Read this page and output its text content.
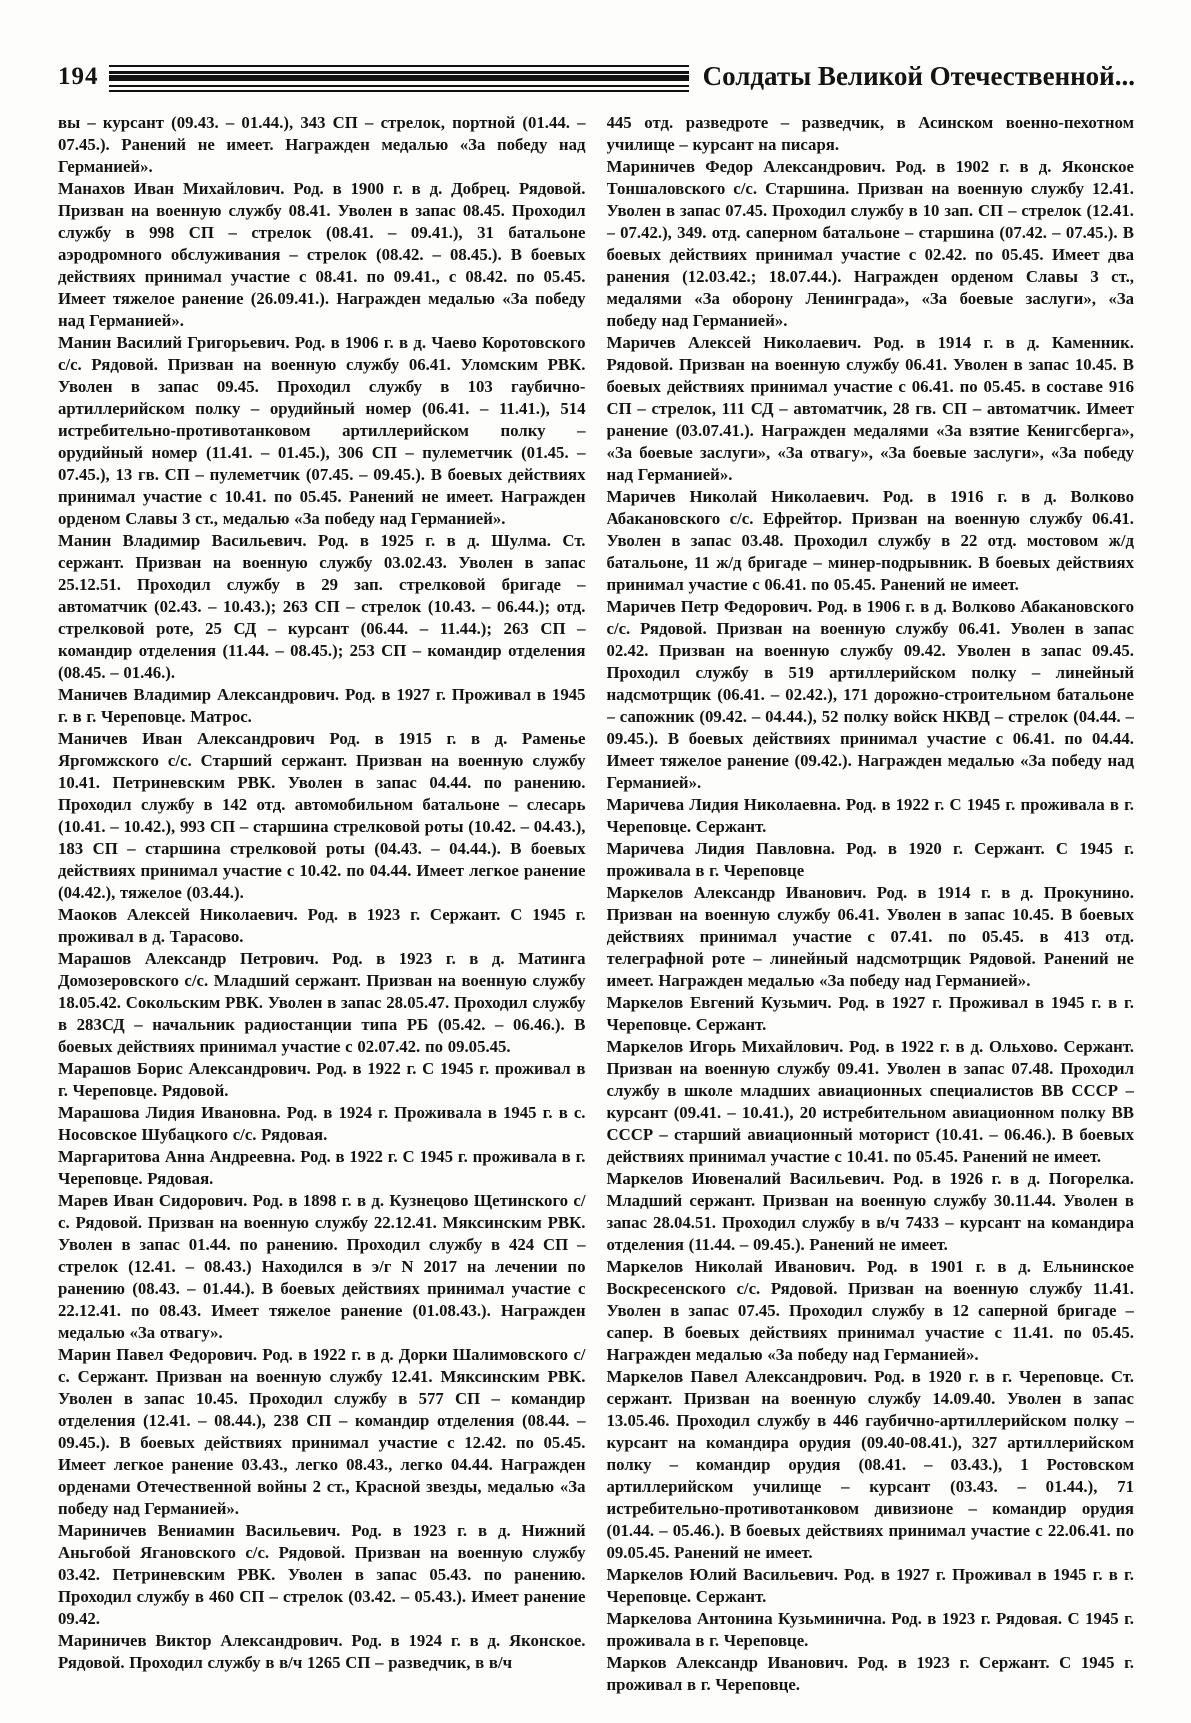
194	Солдаты Великой Отечественной...

вы – курсант (09.43. – 01.44.), 343 СП – стрелок, портной (01.44. – 07.45.). Ранений не имеет. Награжден медалью «За победу над Германией».

Манахов Иван Михайлович. Род. в 1900 г. в д. Добрец. Рядовой. Призван на военную службу 08.41. Уволен в запас 08.45. Проходил службу в 998 СП – стрелок (08.41. – 09.41.), 31 батальоне аэродромного обслуживания – стрелок (08.42. – 08.45.). В боевых действиях принимал участие с 08.41. по 09.41., с 08.42. по 05.45. Имеет тяжелое ранение (26.09.41.). Награжден медалью «За победу над Германией».

Манин Василий Григорьевич. Род. в 1906 г. в д. Чаево Коротовского с/с. Рядовой. Призван на военную службу 06.41. Уломским РВК. Уволен в запас 09.45. Проходил службу в 103 гаубично-артиллерийском полку – орудийный номер (06.41. – 11.41.), 514 истребительно-противотанковом артиллерийском полку – орудийный номер (11.41. – 01.45.), 306 СП – пулеметчик (01.45. – 07.45.), 13 гв. СП – пулеметчик (07.45. – 09.45.). В боевых действиях принимал участие с 10.41. по 05.45. Ранений не имеет. Награжден орденом Славы 3 ст., медалью «За победу над Германией».

Манин Владимир Васильевич. Род. в 1925 г. в д. Шулма. Ст. сержант. Призван на военную службу 03.02.43. Уволен в запас 25.12.51. Проходил службу в 29 зап. стрелковой бригаде – автоматчик (02.43. – 10.43.); 263 СП – стрелок (10.43. – 06.44.); отд. стрелковой роте, 25 СД – курсант (06.44. – 11.44.); 263 СП – командир отделения (11.44. – 08.45.); 253 СП – командир отделения (08.45. – 01.46.).

Маничев Владимир Александрович. Род. в 1927 г. Проживал в 1945 г. в г. Череповце. Матрос.

Маничев Иван Александрович Род. в 1915 г. в д. Раменье Яргомжского с/с. Старший сержант. Призван на военную службу 10.41. Петриневским РВК. Уволен в запас 04.44. по ранению. Проходил службу в 142 отд. автомобильном батальоне – слесарь (10.41. – 10.42.), 993 СП – старшина стрелковой роты (10.42. – 04.43.), 183 СП – старшина стрелковой роты (04.43. – 04.44.). В боевых действиях принимал участие с 10.42. по 04.44. Имеет легкое ранение (04.42.), тяжелое (03.44.).

Маоков Алексей Николаевич. Род. в 1923 г. Сержант. С 1945 г. проживал в д. Тарасово.

Марашов Александр Петрович. Род. в 1923 г. в д. Матинга Домозеровского с/с. Младший сержант. Призван на военную службу 18.05.42. Сокольским РВК. Уволен в запас 28.05.47. Проходил службу в 283СД – начальник радиостанции типа РБ (05.42. – 06.46.). В боевых действиях принимал участие с 02.07.42. по 09.05.45.

Марашов Борис Александрович. Род. в 1922 г. С 1945 г. проживал в г. Череповце. Рядовой.

Марашова Лидия Ивановна. Род. в 1924 г. Проживала в 1945 г. в с. Носовское Шубацкого с/с. Рядовая.

Маргаритова Анна Андреевна. Род. в 1922 г. С 1945 г. проживала в г. Череповце. Рядовая.

Марев Иван Сидорович. Род. в 1898 г. в д. Кузнецово Щетинского с/с. Рядовой. Призван на военную службу 22.12.41. Мяксинским РВК. Уволен в запас 01.44. по ранению. Проходил службу в 424 СП – стрелок (12.41. – 08.43.) Находился в э/г N 2017 на лечении по ранению (08.43. – 01.44.). В боевых действиях принимал участие с 22.12.41. по 08.43. Имеет тяжелое ранение (01.08.43.). Награжден медалью «За отвагу».

Марин Павел Федорович. Род. в 1922 г. в д. Дорки Шалимовского с/с. Сержант. Призван на военную службу 12.41. Мяксинским РВК. Уволен в запас 10.45. Проходил службу в 577 СП – командир отделения (12.41. – 08.44.), 238 СП – командир отделения (08.44. – 09.45.). В боевых действиях принимал участие с 12.42. по 05.45. Имеет легкое ранение 03.43., легко 08.43., легко 04.44. Награжден орденами Отечественной войны 2 ст., Красной звезды, медалью «За победу над Германией».

Мариничев Вениамин Васильевич. Род. в 1923 г. в д. Нижний Аньгобой Ягановского с/с. Рядовой. Призван на военную службу 03.42. Петриневским РВК. Уволен в запас 05.43. по ранению. Проходил службу в 460 СП – стрелок (03.42. – 05.43.). Имеет ранение 09.42.

Мариничев Виктор Александрович. Род. в 1924 г. в д. Яконское. Рядовой. Проходил службу в в/ч 1265 СП – разведчик, в в/ч

445 отд. разведроте – разведчик, в Асинском военно-пехотном училище – курсант на писаря.

Мариничев Федор Александрович. Род. в 1902 г. в д. Яконское Тоншаловского с/с. Старшина. Призван на военную службу 12.41. Уволен в запас 07.45. Проходил службу в 10 зап. СП – стрелок (12.41. – 07.42.), 349. отд. саперном батальоне – старшина (07.42. – 07.45.). В боевых действиях принимал участие с 02.42. по 05.45. Имеет два ранения (12.03.42.; 18.07.44.). Награжден орденом Славы 3 ст., медалями «За оборону Ленинграда», «За боевые заслуги», «За победу над Германией».

Маричев Алексей Николаевич. Род. в 1914 г. в д. Каменник. Рядовой. Призван на военную службу 06.41. Уволен в запас 10.45. В боевых действиях принимал участие с 06.41. по 05.45. в составе 916 СП – стрелок, 111 СД – автоматчик, 28 гв. СП – автоматчик. Имеет ранение (03.07.41.). Награжден медалями «За взятие Кенигсберга», «За боевые заслуги», «За отвагу», «За боевые заслуги», «За победу над Германией».

Маричев Николай Николаевич. Род. в 1916 г. в д. Волково Абакановского с/с. Ефрейтор. Призван на военную службу 06.41. Уволен в запас 03.48. Проходил службу в 22 отд. мостовом ж/д батальоне, 11 ж/д бригаде – минер-подрывник. В боевых действиях принимал участие с 06.41. по 05.45. Ранений не имеет.

Маричев Петр Федорович. Род. в 1906 г. в д. Волково Абакановского с/с. Рядовой. Призван на военную службу 06.41. Уволен в запас 02.42. Призван на военную службу 09.42. Уволен в запас 09.45. Проходил службу в 519 артиллерийском полку – линейный надсмотрщик (06.41. – 02.42.), 171 дорожно-строительном батальоне – сапожник (09.42. – 04.44.), 52 полку войск НКВД – стрелок (04.44. – 09.45.). В боевых действиях принимал участие с 06.41. по 04.44. Имеет тяжелое ранение (09.42.). Награжден медалью «За победу над Германией».

Маричева Лидия Николаевна. Род. в 1922 г. С 1945 г. проживала в г. Череповце. Сержант.

Маричева Лидия Павловна. Род. в 1920 г. Сержант. С 1945 г. проживала в г. Череповце

Маркелов Александр Иванович. Род. в 1914 г. в д. Прокунино. Призван на военную службу 06.41. Уволен в запас 10.45. В боевых действиях принимал участие с 07.41. по 05.45. в 413 отд. телеграфной роте – линейный надсмотрщик Рядовой. Ранений не имеет. Награжден медалью «За победу над Германией».

Маркелов Евгений Кузьмич. Род. в 1927 г. Проживал в 1945 г. в г. Череповце. Сержант.

Маркелов Игорь Михайлович. Род. в 1922 г. в д. Ольхово. Сержант. Призван на военную службу 09.41. Уволен в запас 07.48. Проходил службу в школе младших авиационных специалистов ВВ СССР – курсант (09.41. – 10.41.), 20 истребительном авиационном полку ВВ СССР – старший авиационный моторист (10.41. – 06.46.). В боевых действиях принимал участие с 10.41. по 05.45. Ранений не имеет.

Маркелов Иювеналий Васильевич. Род. в 1926 г. в д. Погорелка. Младший сержант. Призван на военную службу 30.11.44. Уволен в запас 28.04.51. Проходил службу в в/ч 7433 – курсант на командира отделения (11.44. – 09.45.). Ранений не имеет.

Маркелов Николай Иванович. Род. в 1901 г. в д. Ельнинское Воскресенского с/с. Рядовой. Призван на военную службу 11.41. Уволен в запас 07.45. Проходил службу в 12 саперной бригаде – сапер. В боевых действиях принимал участие с 11.41. по 05.45. Награжден медалью «За победу над Германией».

Маркелов Павел Александрович. Род. в 1920 г. в г. Череповце. Ст. сержант. Призван на военную службу 14.09.40. Уволен в запас 13.05.46. Проходил службу в 446 гаубично-артиллерийском полку – курсант на командира орудия (09.40-08.41.), 327 артиллерийском полку – командир орудия (08.41. – 03.43.), 1 Ростовском артиллерийском училище – курсант (03.43. – 01.44.), 71 истребительно-противотанковом дивизионе – командир орудия (01.44. – 05.46.). В боевых действиях принимал участие с 22.06.41. по 09.05.45. Ранений не имеет.

Маркелов Юлий Васильевич. Род. в 1927 г. Проживал в 1945 г. в г. Череповце. Сержант.

Маркелова Антонина Кузьминична. Род. в 1923 г. Рядовая. С 1945 г. проживала в г. Череповце.

Марков Александр Иванович. Род. в 1923 г. Сержант. С 1945 г. проживал в г. Череповце.
